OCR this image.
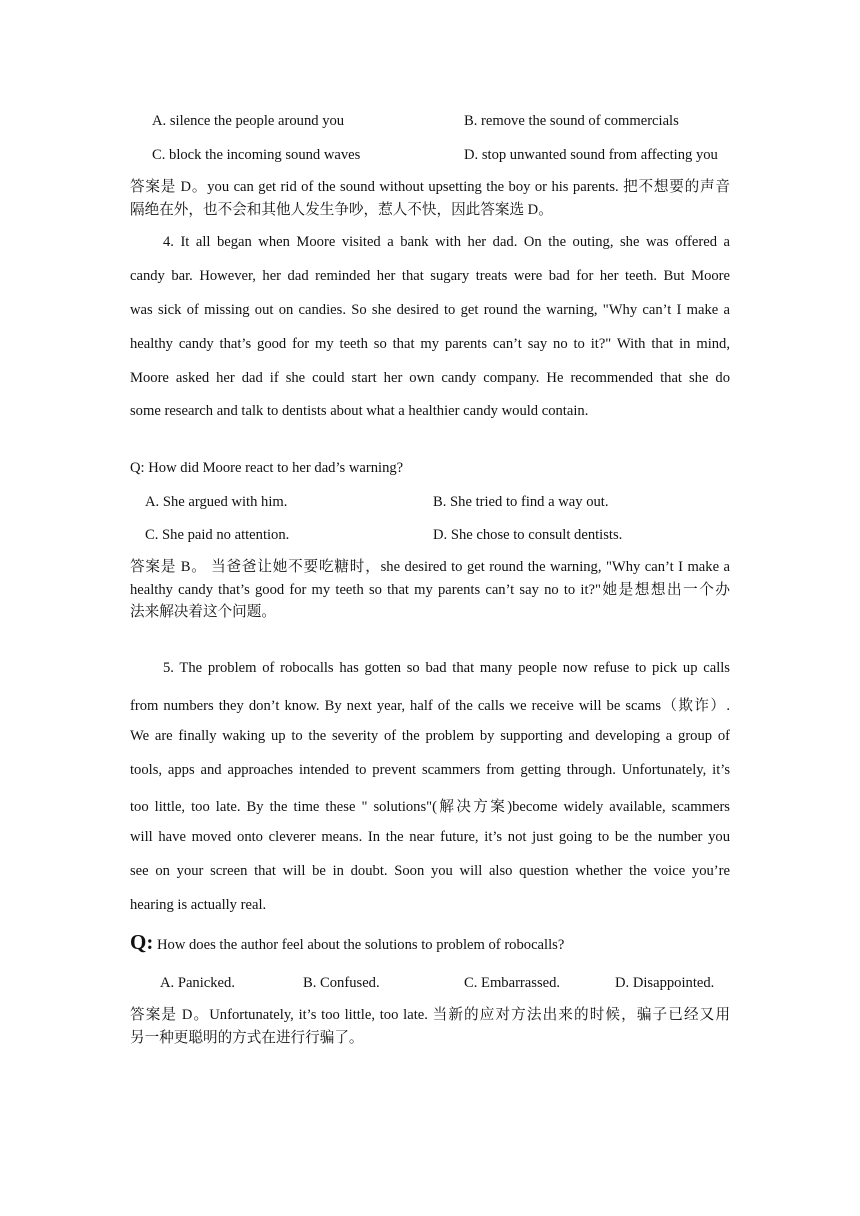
A. silence the people around you	B. remove the sound of commercials
C. block the incoming sound waves	D. stop unwanted sound from affecting you
答案是 D。you can get rid of the sound without upsetting the boy or his parents. 把不想要的声音
隔绝在外，也不会和其他人发生争吵，惹人不快，因此答案选 D。
4. It all began when Moore visited a bank with her dad. On the outing, she was offered a
candy bar. However, her dad reminded her that sugary treats were bad for her teeth. But Moore
was sick of missing out on candies. So she desired to get round the warning, "Why can’t I make a
healthy candy that’s good for my teeth so that my parents can’t say no to it?" With that in mind,
Moore asked her dad if she could start her own candy company. He recommended that she do
some research and talk to dentists about what a healthier candy would contain.
Q: How did Moore react to her dad’s warning?
A. She argued with him.	B. She tried to find a way out.
C. She paid no attention.	D. She chose to consult dentists.
答案是 B。 当爸爸让她不要吃糖时，she desired to get round the warning, "Why can’t I make a
healthy candy that’s good for my teeth so that my parents can’t say no to it?"她是想想出一个办
法来解决着这个问题。
5. The problem of robocalls has gotten so bad that many people now refuse to pick up calls
from numbers they don’t know. By next year, half of the calls we receive will be scams（欺诈）.
We are finally waking up to the severity of the problem by supporting and developing a group of
tools, apps and approaches intended to prevent scammers from getting through. Unfortunately, it’s
too little, too late. By the time these " solutions"(解决方案)become widely available, scammers
will have moved onto cleverer means. In the near future, it’s not just going to be the number you
see on your screen that will be in doubt. Soon you will also question whether the voice you’re
hearing is actually real.
Q: How does the author feel about the solutions to problem of robocalls?
A. Panicked.	B. Confused.	C. Embarrassed.	D. Disappointed.
答案是 D。Unfortunately, it’s too little, too late. 当新的应对方法出来的时候，骗子已经又用
另一种更聪明的方式在进行行骗了。
